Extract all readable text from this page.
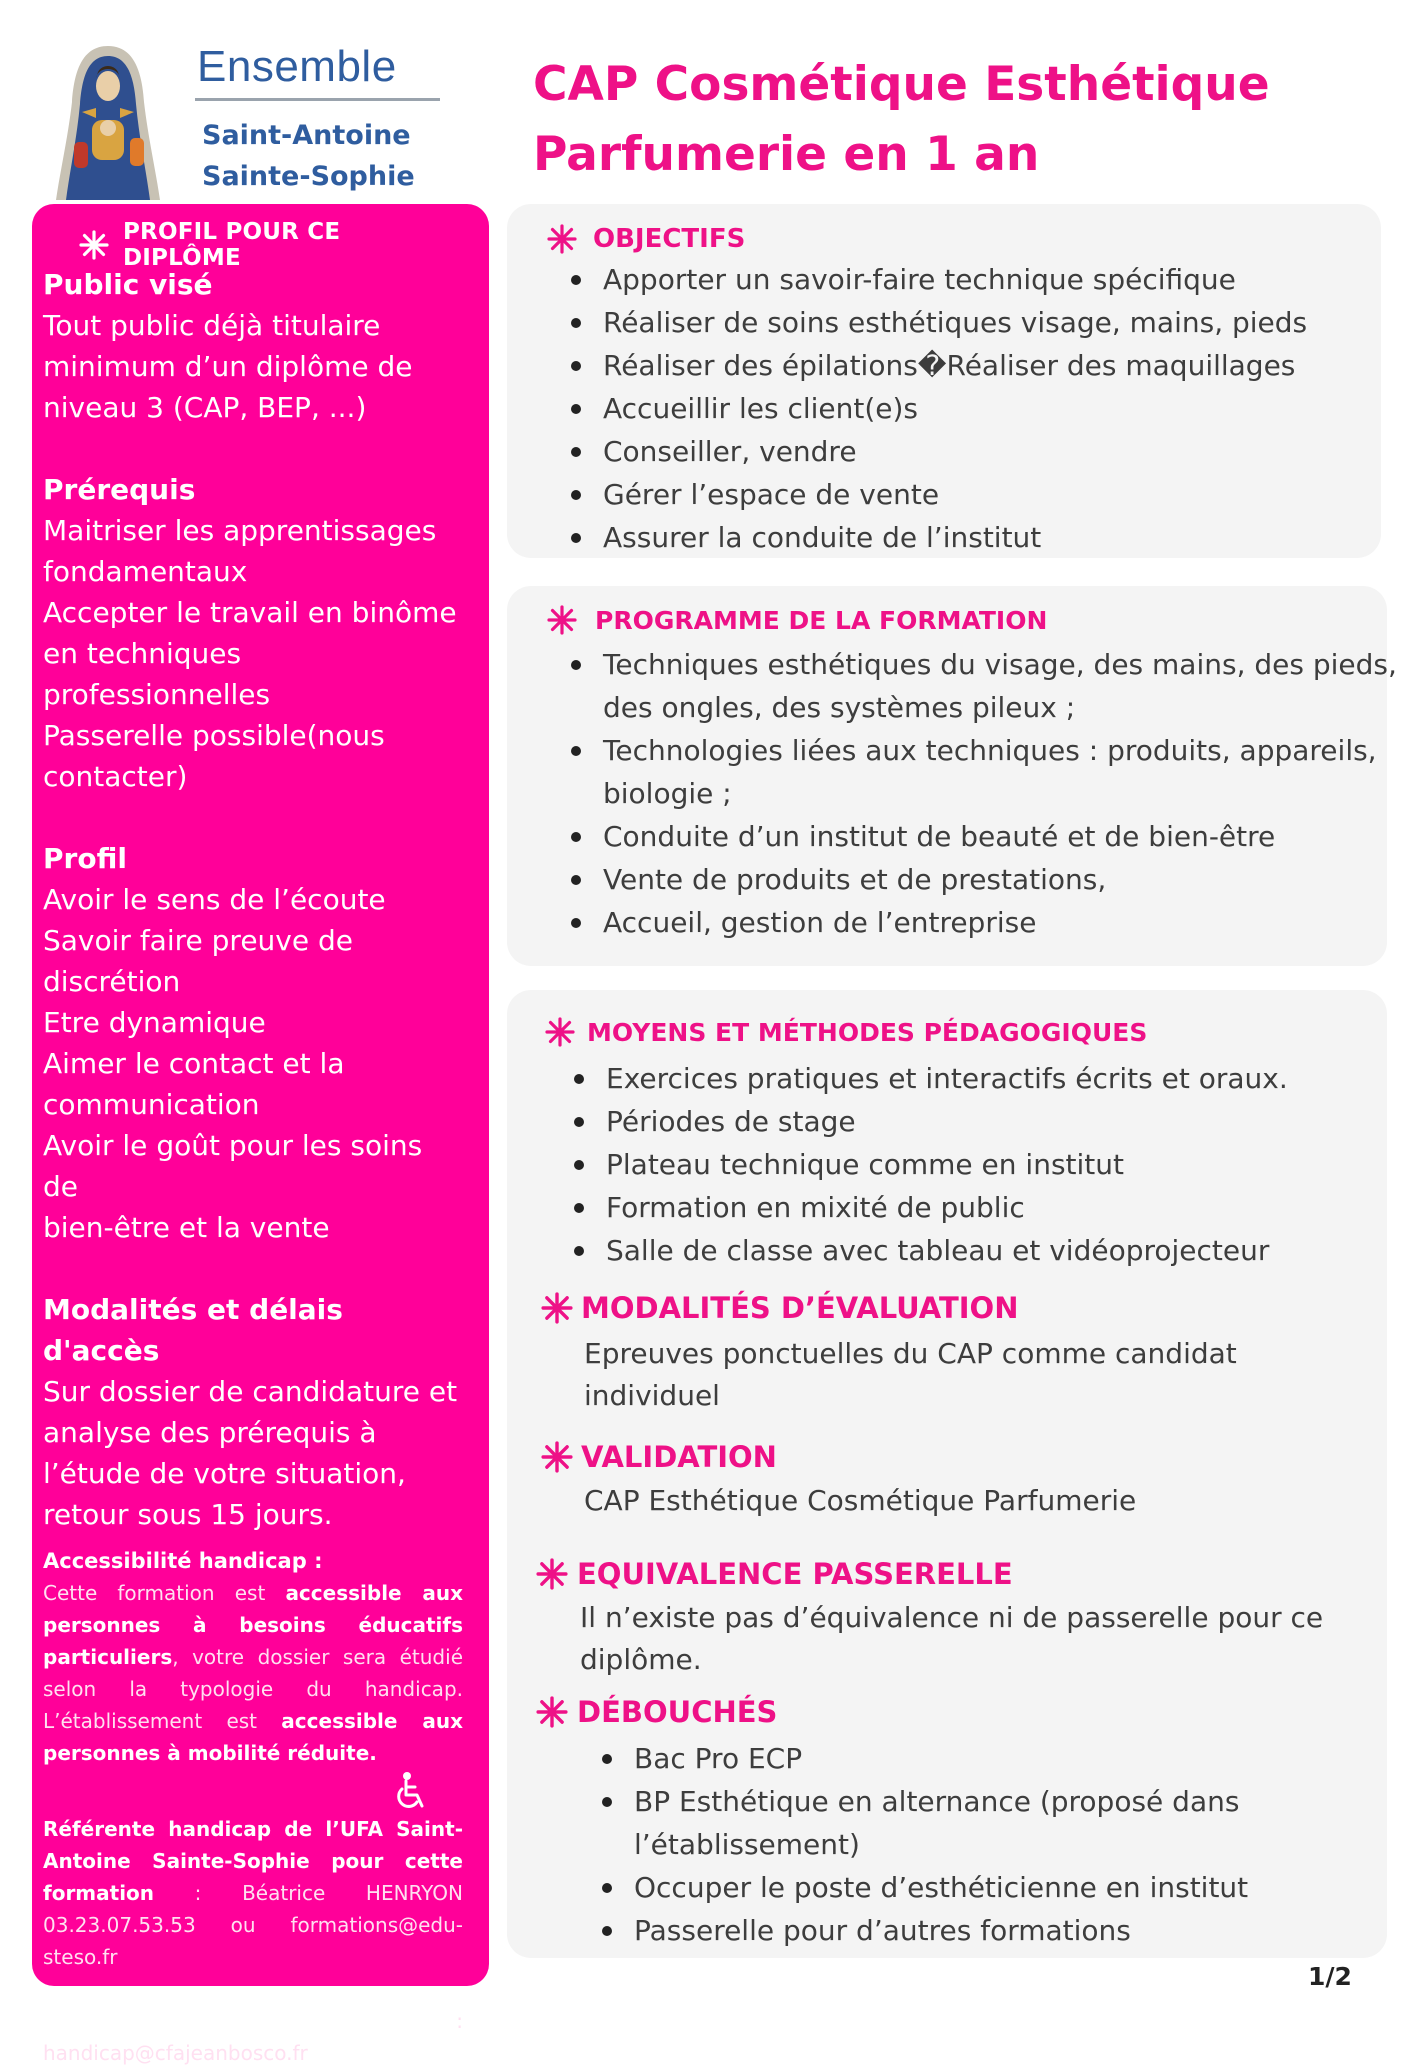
Ensemble
Saint-Antoine
Sainte-Sophie
CAP Cosmétique Esthétique
Parfumerie en 1 an
PROFIL POUR CE DIPLÔME
Public visé
Tout public déjà titulaire
minimum d’un diplôme de
niveau 3 (CAP, BEP, ...)
Prérequis
Maitriser les apprentissages
fondamentaux
Accepter le travail en binôme
en techniques
professionnelles
Passerelle possible(nous
contacter)
Profil
Avoir le sens de l’écoute
Savoir faire preuve de
discrétion
Etre dynamique
Aimer le contact et la
communication
Avoir le goût pour les soins de
bien-être et la vente
Modalités et délais d'accès
Sur dossier de candidature et
analyse des prérequis à
l’étude de votre situation,
retour sous 15 jours.
Accessibilité handicap :
Cette formation est accessible aux personnes à besoins éducatifs particuliers, votre dossier sera étudié selon la typologie du handicap. L’établissement est accessible aux personnes à mobilité réduite.
Référente handicap de l’UFA Saint-Antoine Sainte-Sophie pour cette formation : Béatrice HENRYON 03.23.07.53.53 ou formations@edu-steso.fr
Service handicap du CFA Jean Bosco : handicap@cfajeanbosco.fr
OBJECTIFS
Apporter un savoir-faire technique spécifique
Réaliser de soins esthétiques visage, mains, pieds
Réaliser des épilations�Réaliser des maquillages
Accueillir les client(e)s
Conseiller, vendre
Gérer l’espace de vente
Assurer la conduite de l’institut
PROGRAMME DE LA FORMATION
Techniques esthétiques du visage, des mains, des pieds,
des ongles, des systèmes pileux ;
Technologies liées aux techniques : produits, appareils,
biologie ;
Conduite d’un institut de beauté et de bien-être
Vente de produits et de prestations,
Accueil, gestion de l’entreprise
MOYENS ET MÉTHODES PÉDAGOGIQUES
Exercices pratiques et interactifs écrits et oraux.
Périodes de stage
Plateau technique comme en institut
Formation en mixité de public
Salle de classe avec tableau et vidéoprojecteur
MODALITÉS D’ÉVALUATION
Epreuves ponctuelles du CAP comme candidat
individuel
VALIDATION
CAP Esthétique Cosmétique Parfumerie
EQUIVALENCE PASSERELLE
Il n’existe pas d’équivalence ni de passerelle pour ce
diplôme.
DÉBOUCHÉS
Bac Pro ECP
BP Esthétique en alternance (proposé dans
l’établissement)
Occuper le poste d’esthéticienne en institut
Passerelle pour d’autres formations
1/2
